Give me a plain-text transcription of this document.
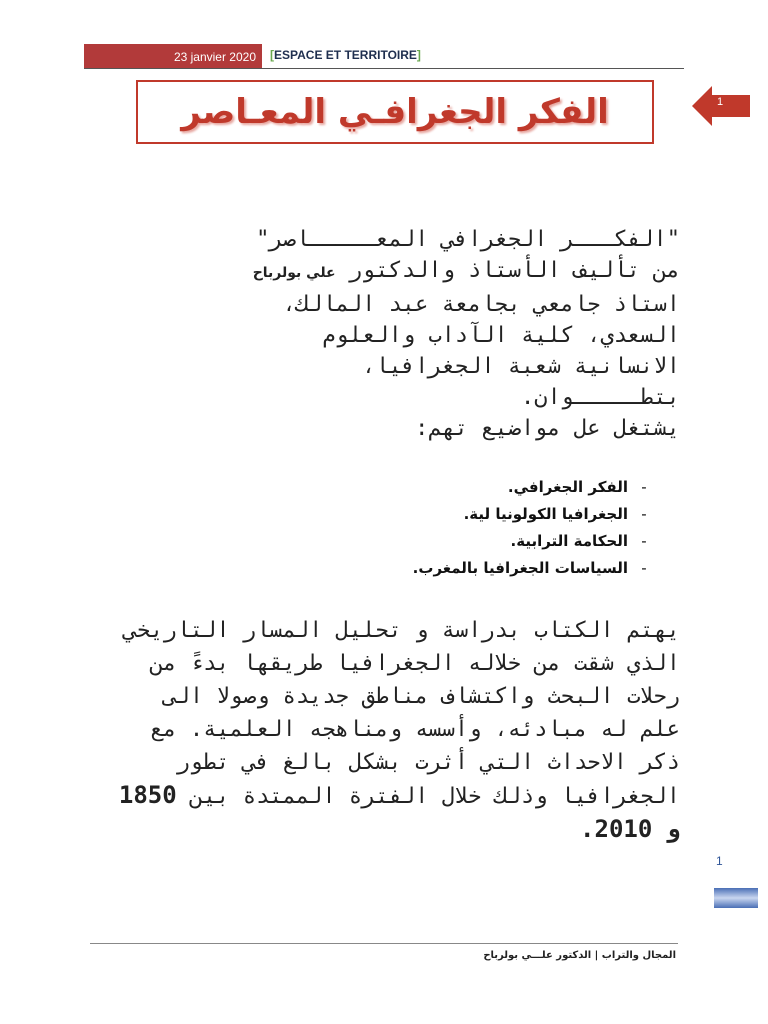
23 janvier 2020 [ESPACE ET TERRITOIRE]
الفكر الجغرافـي المعـاصر	1
"الفكـــر الجغرافي المعـــــاصر"
من تأليف الأستاذ والدكتور علي بولرباح
استاذ جامعي بجامعة عبد المالك،
السعدي، كلية الآداب والعلوم
الانسانية شعبة الجغرافيا،
بتطـــــوان.
يشتغل عل مواضيع تهم:
-الفكر الجغرافي.
-الجغرافيا الكولونيا لية.
-الحكامة الترابية.
-السياسات الجغرافيا بالمغرب.
يهتم الكتاب بدراسة و تحليل المسار التاريخي الذي شقت من خلاله الجغرافيا طريقها بدءً من رحلات البحث واكتشاف مناطق جديدة وصولا الى علم له مبادئه، وأسسه ومناهجه العلمية. مع ذكر الاحداث التي أثرت بشكل بالغ في تطور الجغرافيا وذلك خلال الفترة الممتدة بين 1850 و 2010.
1
المجال والتراب | الدكتور علـــي بولرباح
